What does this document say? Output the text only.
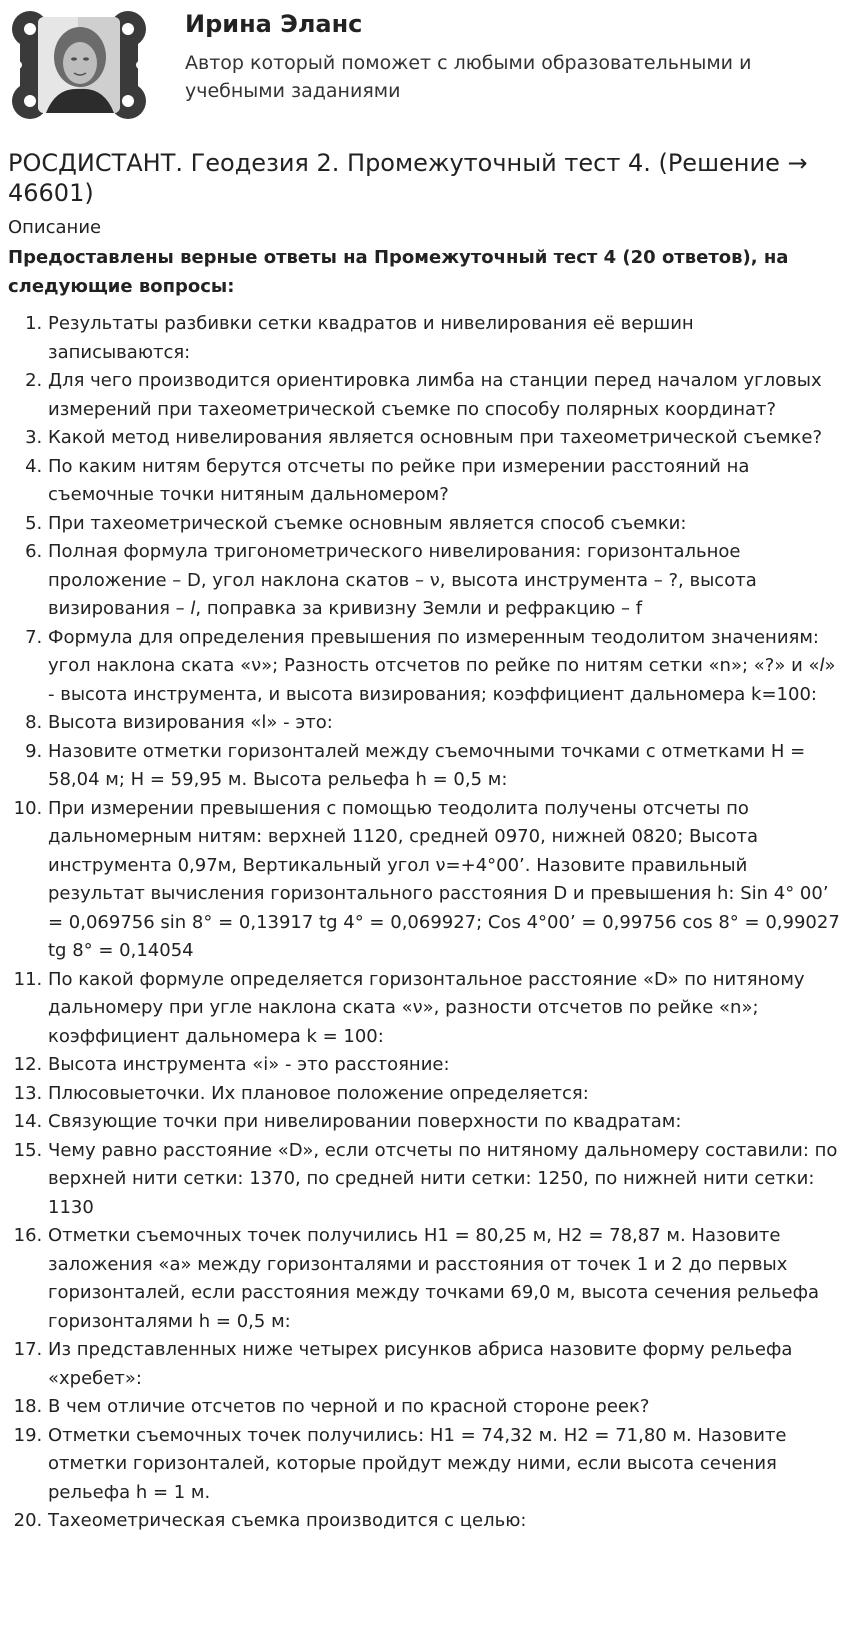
Ирина Эланс
Автор который поможет с любыми образовательными и учебными заданиями
РОСДИСТАНТ. Геодезия 2. Промежуточный тест 4. (Решение → 46601)
Описание
Предоставлены верные ответы на Промежуточный тест 4 (20 ответов), на следующие вопросы:
1. Результаты разбивки сетки квадратов и нивелирования её вершин записываются:
2. Для чего производится ориентировка лимба на станции перед началом угловых измерений при тахеометрической съемке по способу полярных координат?
3. Какой метод нивелирования является основным при тахеометрической съемке?
4. По каким нитям берутся отсчеты по рейке при измерении расстояний на съемочные точки нитяным дальномером?
5. При тахеометрической съемке основным является способ съемки:
6. Полная формула тригонометрического нивелирования: горизонтальное проложение – D, угол наклона скатов – ν, высота инструмента – ?, высота визирования – l, поправка за кривизну Земли и рефракцию – f
7. Формула для определения превышения по измеренным теодолитом значениям: угол наклона ската «ν»; Разность отсчетов по рейке по нитям сетки «n»; «?» и «l» - высота инструмента, и высота визирования; коэффициент дальномера k=100:
8. Высота визирования «l» - это:
9. Назовите отметки горизонталей между съемочными точками с отметками Н = 58,04 м; Н = 59,95 м. Высота рельефа h = 0,5 м:
10. При измерении превышения с помощью теодолита получены отсчеты по дальномерным нитям: верхней 1120, средней 0970, нижней 0820; Высота инструмента 0,97м, Вертикальный угол ν=+4°00’. Назовите правильный результат вычисления горизонтального расстояния D и превышения h: Sin 4° 00’ = 0,069756 sin 8° = 0,13917 tg 4° = 0,069927; Cos 4°00’ = 0,99756 cos 8° = 0,99027 tg 8° = 0,14054
11. По какой формуле определяется горизонтальное расстояние «D» по нитяному дальномеру при угле наклона ската «ν», разности отсчетов по рейке «n»; коэффициент дальномера k = 100:
12. Высота инструмента «i» - это расстояние:
13. Плюсовыеточки. Их плановое положение определяется:
14. Связующие точки при нивелировании поверхности по квадратам:
15. Чему равно расстояние «D», если отсчеты по нитяному дальномеру составили: по верхней нити сетки: 1370, по средней нити сетки: 1250, по нижней нити сетки: 1130
16. Отметки съемочных точек получились Н1 = 80,25 м, Н2 = 78,87 м. Назовите заложения «а» между горизонталями и расстояния от точек 1 и 2 до первых горизонталей, если расстояния между точками 69,0 м, высота сечения рельефа горизонталями h = 0,5 м:
17. Из представленных ниже четырех рисунков абриса назовите форму рельефа «хребет»:
18. В чем отличие отсчетов по черной и по красной стороне реек?
19. Отметки съемочных точек получились: Н1 = 74,32 м. Н2 = 71,80 м. Назовите отметки горизонталей, которые пройдут между ними, если высота сечения рельефа h = 1 м.
20. Тахеометрическая съемка производится с целью:
